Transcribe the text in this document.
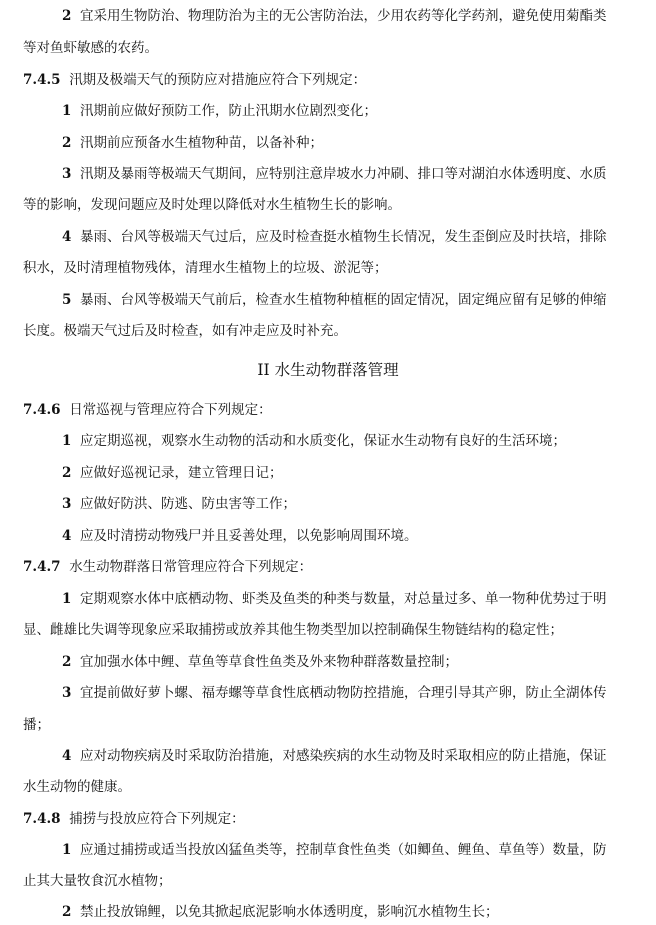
2 宜采用生物防治、物理防治为主的无公害防治法，少用农药等化学药剂，避免使用菊酯类
等对鱼虾敏感的农药。
7.4.5 汛期及极端天气的预防应对措施应符合下列规定：
1 汛期前应做好预防工作，防止汛期水位剧烈变化；
2 汛期前应预备水生植物种苗，以备补种；
3 汛期及暴雨等极端天气期间，应特别注意岸坡水力冲刷、排口等对湖泊水体透明度、水质
等的影响，发现问题应及时处理以降低对水生植物生长的影响。
4 暴雨、台风等极端天气过后，应及时检查挺水植物生长情况，发生歪倒应及时扶培，排除
积水，及时清理植物残体，清理水生植物上的垃圾、淤泥等；
5 暴雨、台风等极端天气前后，检查水生植物种植框的固定情况，固定绳应留有足够的伸缩
长度。极端天气过后及时检查，如有冲走应及时补充。
II 水生动物群落管理
7.4.6 日常巡视与管理应符合下列规定：
1 应定期巡视，观察水生动物的活动和水质变化，保证水生动物有良好的生活环境；
2 应做好巡视记录，建立管理日记；
3 应做好防洪、防逃、防虫害等工作；
4 应及时清捞动物残尸并且妥善处理，以免影响周围环境。
7.4.7 水生动物群落日常管理应符合下列规定：
1 定期观察水体中底栖动物、虾类及鱼类的种类与数量，对总量过多、单一物种优势过于明
显、雌雄比失调等现象应采取捕捞或放养其他生物类型加以控制确保生物链结构的稳定性；
2 宜加强水体中鲤、草鱼等草食性鱼类及外来物种群落数量控制；
3 宜提前做好萝卜螺、福寿螺等草食性底栖动物防控措施，合理引导其产卵，防止全湖体传
播；
4 应对动物疾病及时采取防治措施，对感染疾病的水生动物及时采取相应的防止措施，保证
水生动物的健康。
7.4.8 捕捞与投放应符合下列规定：
1 应通过捕捞或适当投放凶猛鱼类等，控制草食性鱼类（如鲫鱼、鲤鱼、草鱼等）数量，防
止其大量牧食沉水植物；
2 禁止投放锦鲤，以免其掀起底泥影响水体透明度，影响沉水植物生长；
